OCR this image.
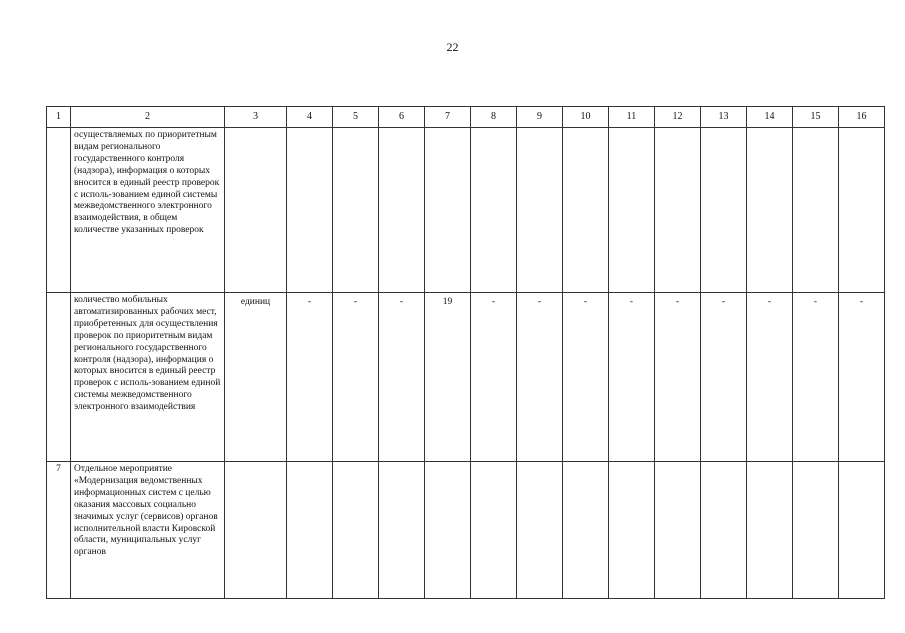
22
1	2	3	4	5	6	7	8	9	10	11	12	13	14	15	16
	осуществляемых по приоритетным видам регионального государственного контроля (надзора), информация о которых вносится в единый реестр проверок с исполь-зованием единой системы межведомственного электронного взаимодействия, в общем количестве указанных проверок														
	количество мобильных автоматизированных рабочих мест, приобретенных для осуществления проверок по приоритетным видам регионального государственного контроля (надзора), информация о которых вносится в единый реестр проверок с исполь-зованием единой системы межведомственного электронного взаимодействия	единиц	-	-	-	19	-	-	-	-	-	-	-	-	-
7	Отдельное мероприятие «Модернизация ведомственных информационных систем с целью оказания массовых социально значимых услуг (сервисов) органов исполнительной власти Кировской области, муниципальных услуг органов														
